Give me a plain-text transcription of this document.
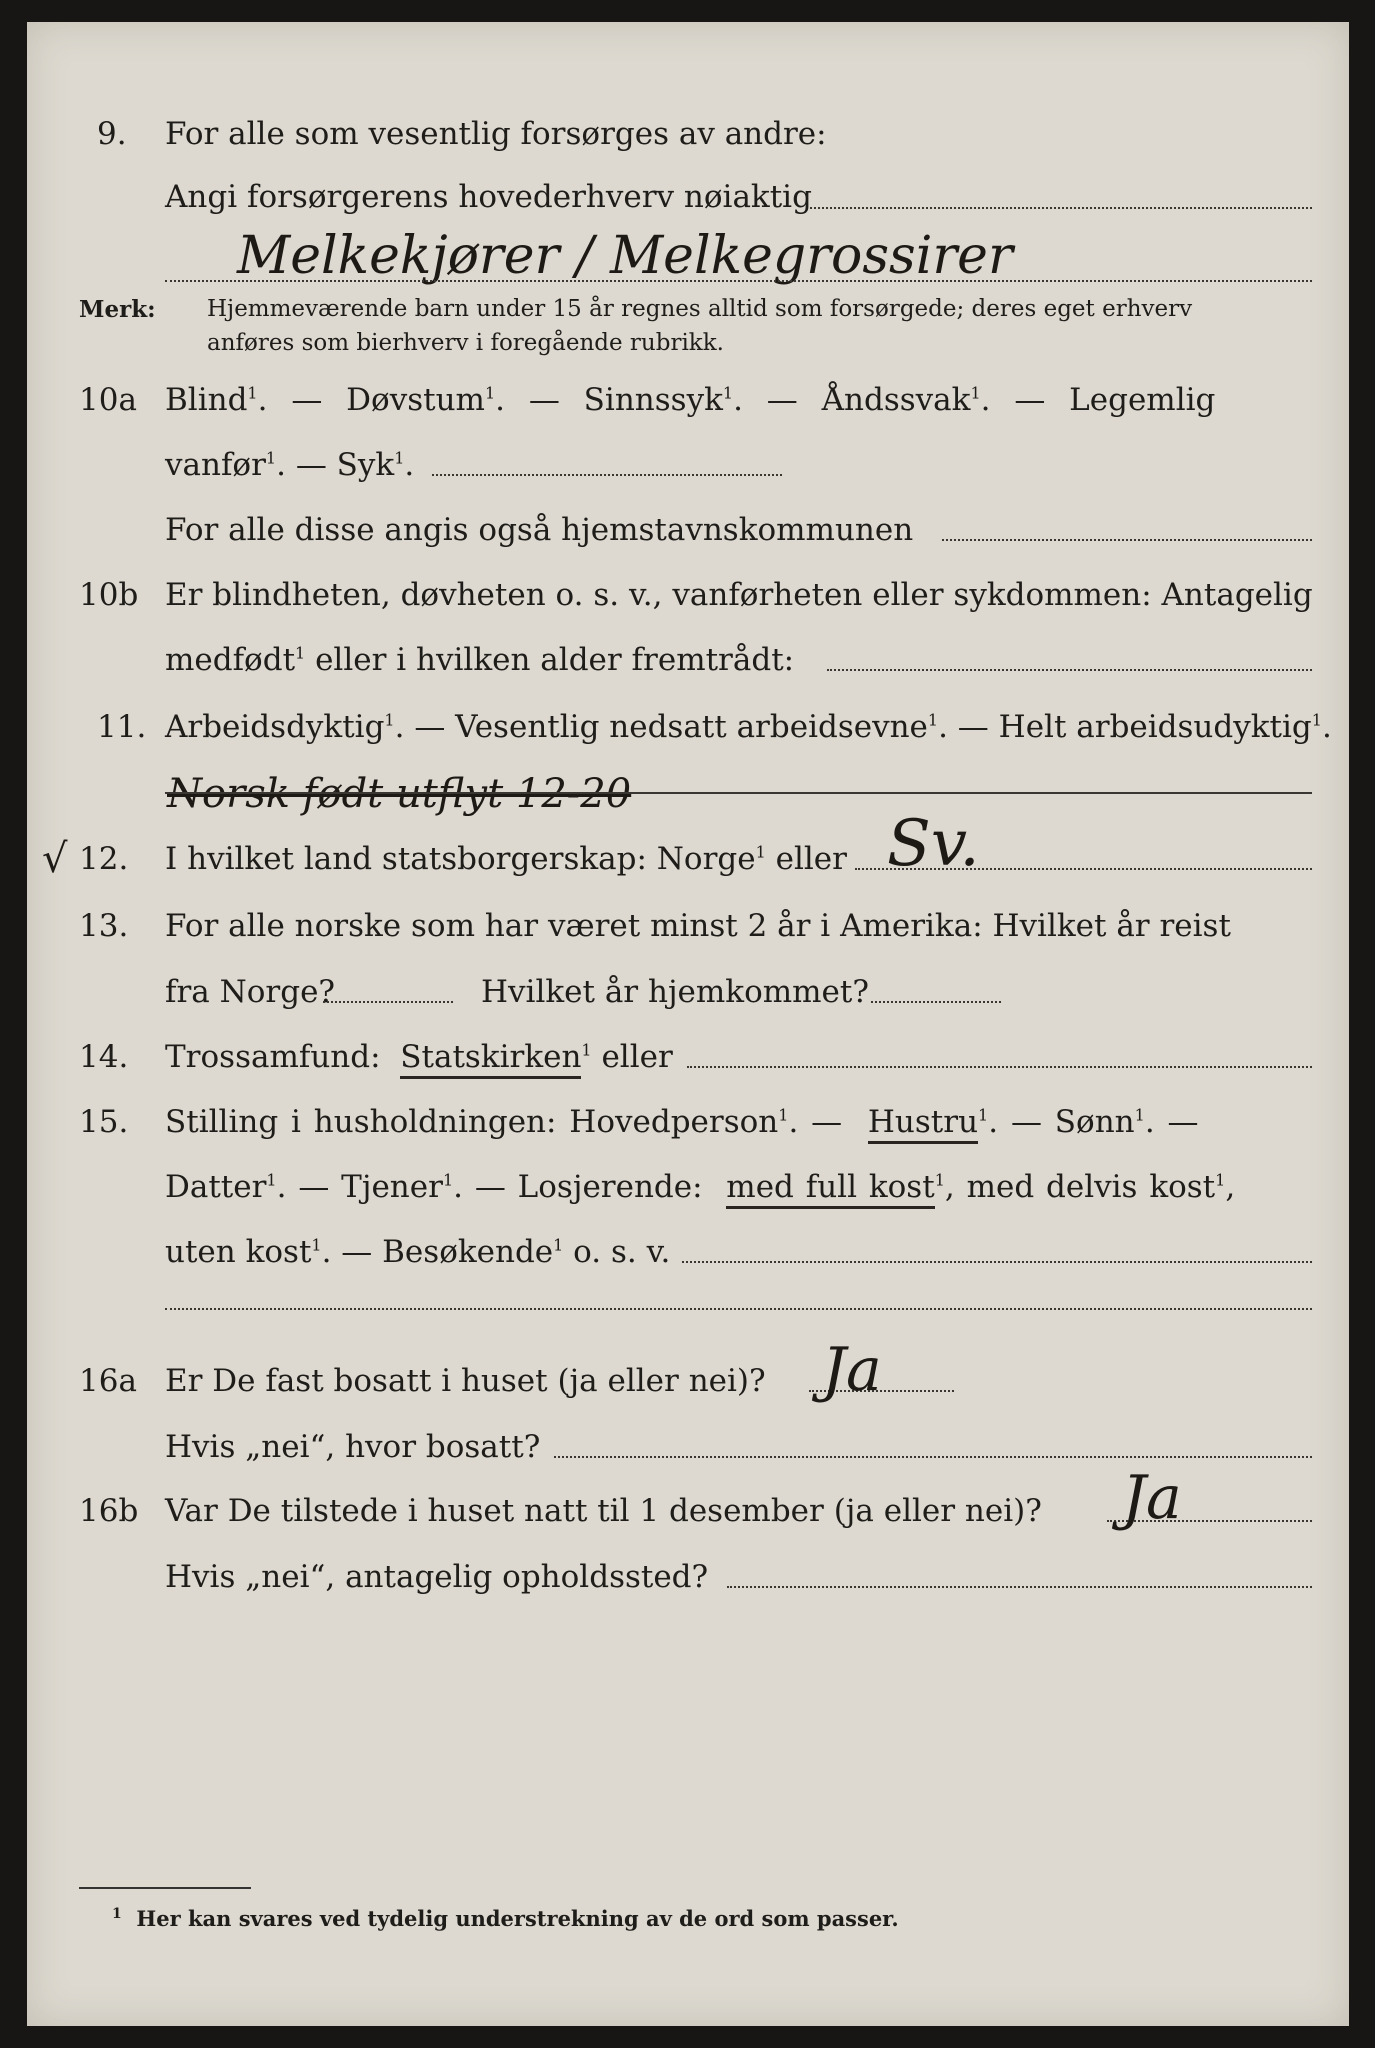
9. For alle som vesentlig forsørges av andre:
Angi forsørgerens hovederhverv nøiaktig
Melkekjører / Melkegrossirer
Merk: Hjemmeværende barn under 15 år regnes alltid som forsørgede; deres eget erhverv
anføres som bierhverv i foregående rubrikk.
10a Blind$^1$. — Døvstum$^1$. — Sinnssyk$^1$. — Åndssvak$^1$. — Legemlig
vanfør$^1$. — Syk$^1$.
For alle disse angis også hjemstavnskommunen
10b Er blindheten, døvheten o. s. v., vanførheten eller sykdommen: Antagelig
medfødt$^1$ eller i hvilken alder fremtrådt:
11. Arbeidsdyktig$^1$. — Vesentlig nedsatt arbeidsevne$^1$. — Helt arbeidsudyktig$^1$.
Norsk født utflyt 12-20
√ 12. I hvilket land statsborgerskap: Norge$^1$ eller Sv.
13. For alle norske som har været minst 2 år i Amerika: Hvilket år reist
fra Norge?	Hvilket år hjemkommet?
14. Trossamfund: Statskirken$^1$ eller
15. Stilling i husholdningen: Hovedperson$^1$. — Hustru$^1$. — Sønn$^1$. —
Datter$^1$. — Tjener$^1$. — Losjerende: med full kost$^1$, med delvis kost$^1$,
uten kost$^1$. — Besøkende$^1$ o. s. v.
16a Er De fast bosatt i huset (ja eller nei)? Ja
Hvis „nei“, hvor bosatt?
16b Var De tilstede i huset natt til 1 desember (ja eller nei)? Ja
Hvis „nei“, antagelig opholdssted?
$^1$ Her kan svares ved tydelig understrekning av de ord som passer.
